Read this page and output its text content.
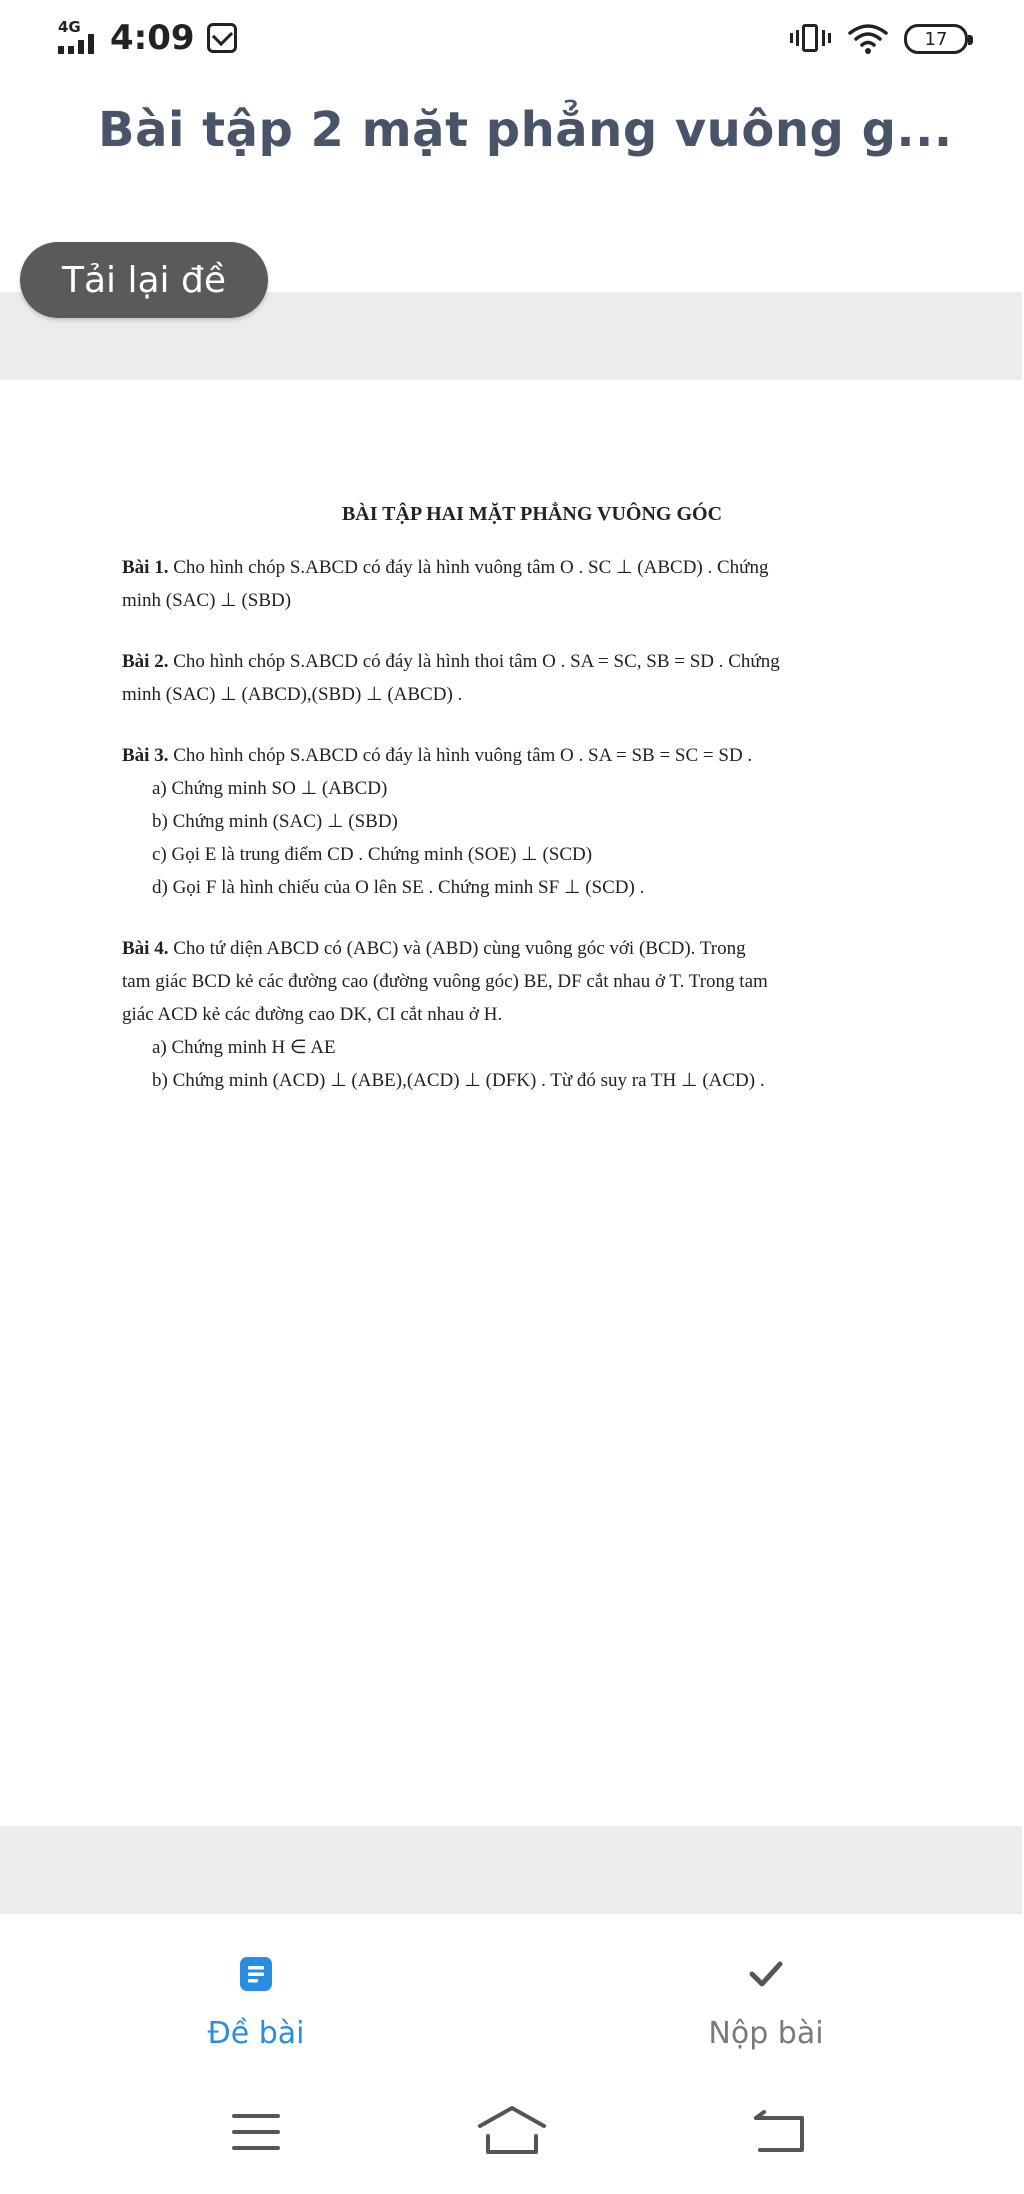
4G 4:09	17
Bài tập 2 mặt phẳng vuông g...
Tải lại đề
BÀI TẬP HAI MẶT PHẲNG VUÔNG GÓC
Bài 1. Cho hình chóp S.ABCD có đáy là hình vuông tâm O . SC ⊥ (ABCD) . Chứng
minh (SAC) ⊥ (SBD)
Bài 2. Cho hình chóp S.ABCD có đáy là hình thoi tâm O . SA = SC, SB = SD . Chứng
minh (SAC) ⊥ (ABCD),(SBD) ⊥ (ABCD) .
Bài 3. Cho hình chóp S.ABCD có đáy là hình vuông tâm O . SA = SB = SC = SD .
a) Chứng minh SO ⊥ (ABCD)
b) Chứng minh (SAC) ⊥ (SBD)
c) Gọi E là trung điểm CD . Chứng minh (SOE) ⊥ (SCD)
d) Gọi F là hình chiếu của O lên SE . Chứng minh SF ⊥ (SCD) .
Bài 4. Cho tứ diện ABCD có (ABC) và (ABD) cùng vuông góc với (BCD). Trong
tam giác BCD kẻ các đường cao (đường vuông góc) BE, DF cắt nhau ở T. Trong tam
giác ACD kẻ các đường cao DK, CI cắt nhau ở H.
a) Chứng minh H ∈ AE
b) Chứng minh (ACD) ⊥ (ABE),(ACD) ⊥ (DFK) . Từ đó suy ra TH ⊥ (ACD) .
Đề bài	Nộp bài
